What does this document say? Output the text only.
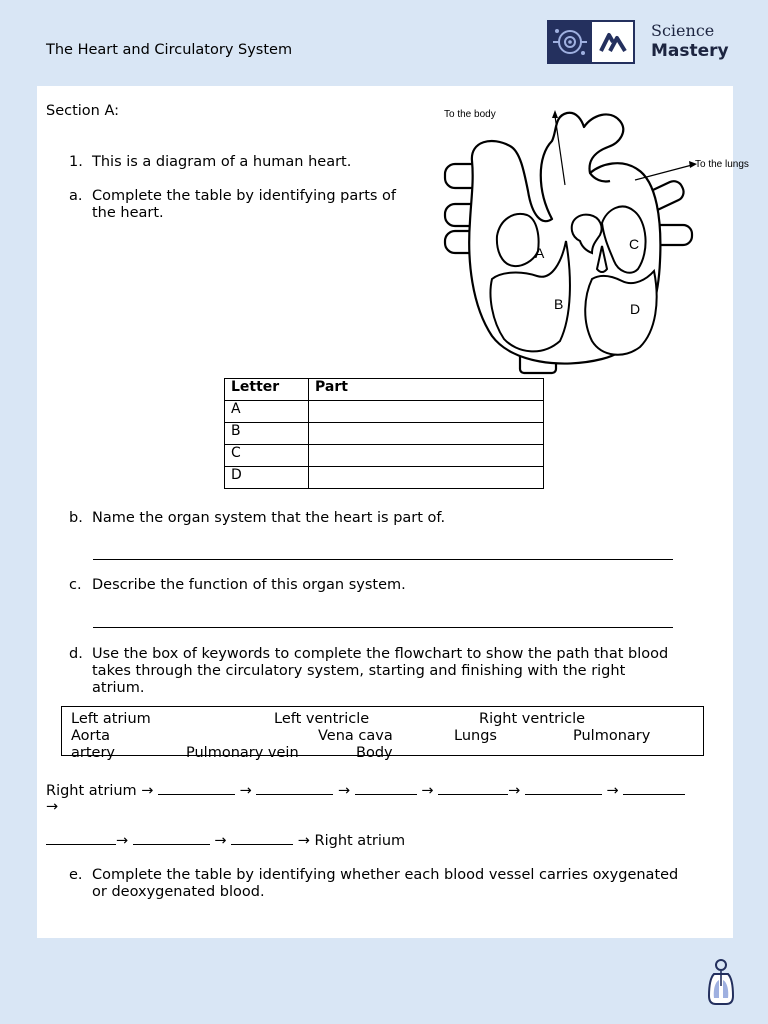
The Heart and Circulatory System
Science
Mastery
Section A:
1. This is a diagram of a human heart.
a. Complete the table by identifying parts of
the heart.
To the body
To the lungs
A
B
C
D
Letter	Part
A	
B	
C	
D	
b. Name the organ system that the heart is part of.
c. Describe the function of this organ system.
d. Use the box of keywords to complete the flowchart to show the path that blood
takes through the circulatory system, starting and finishing with the right
atrium.
Left atrium	Left ventricle	Right ventricle
Aorta	Vena cava	Lungs	Pulmonary
artery	Pulmonary vein	Body
Right atrium →	→	→	→	→	→
→
→	→	→ Right atrium
e. Complete the table by identifying whether each blood vessel carries oxygenated
or deoxygenated blood.
